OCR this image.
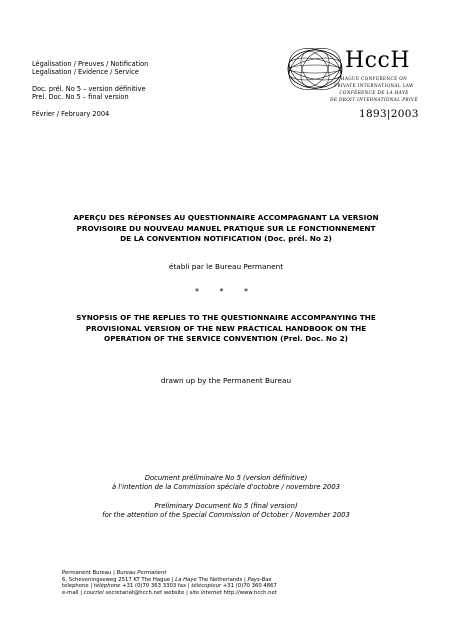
Légalisation / Preuves / Notification
Legalisation / Evidence / Service
Doc. prél. No 5 – version définitive
Prel. Doc. No 5 – final version
Février / February 2004
HccH
HAGUE CONFERENCE ON
PRIVATE INTERNATIONAL LAW
CONFÉRENCE DE LA HAYE
DE DROIT INTERNATIONAL PRIVÉ
1893|2003
APERÇU DES RÉPONSES AU QUESTIONNAIRE ACCOMPAGNANT LA VERSION
PROVISOIRE DU NOUVEAU MANUEL PRATIQUE SUR LE FONCTIONNEMENT
DE LA CONVENTION NOTIFICATION (Doc. prél. No 2)
établi par le Bureau Permanent
* * *
SYNOPSIS OF THE REPLIES TO THE QUESTIONNAIRE ACCOMPANYING THE
PROVISIONAL VERSION OF THE NEW PRACTICAL HANDBOOK ON THE
OPERATION OF THE SERVICE CONVENTION (Prel. Doc. No 2)
drawn up by the Permanent Bureau
Document préliminaire No 5 (version définitive)
à l'intention de la Commission spéciale d'octobre / novembre 2003
Preliminary Document No 5 (final version)
for the attention of the Special Commission of October / November 2003
Permanent Bureau | Bureau Permanent
6, Scheveningseweg 2517 KT The Hague | La Haye The Netherlands | Pays-Bas
telephone | téléphone +31 (0)70 363 3303 fax | télécopieur +31 (0)70 360 4867
e-mail | courriel secretariat@hcch.net website | site internet http://www.hcch.net
